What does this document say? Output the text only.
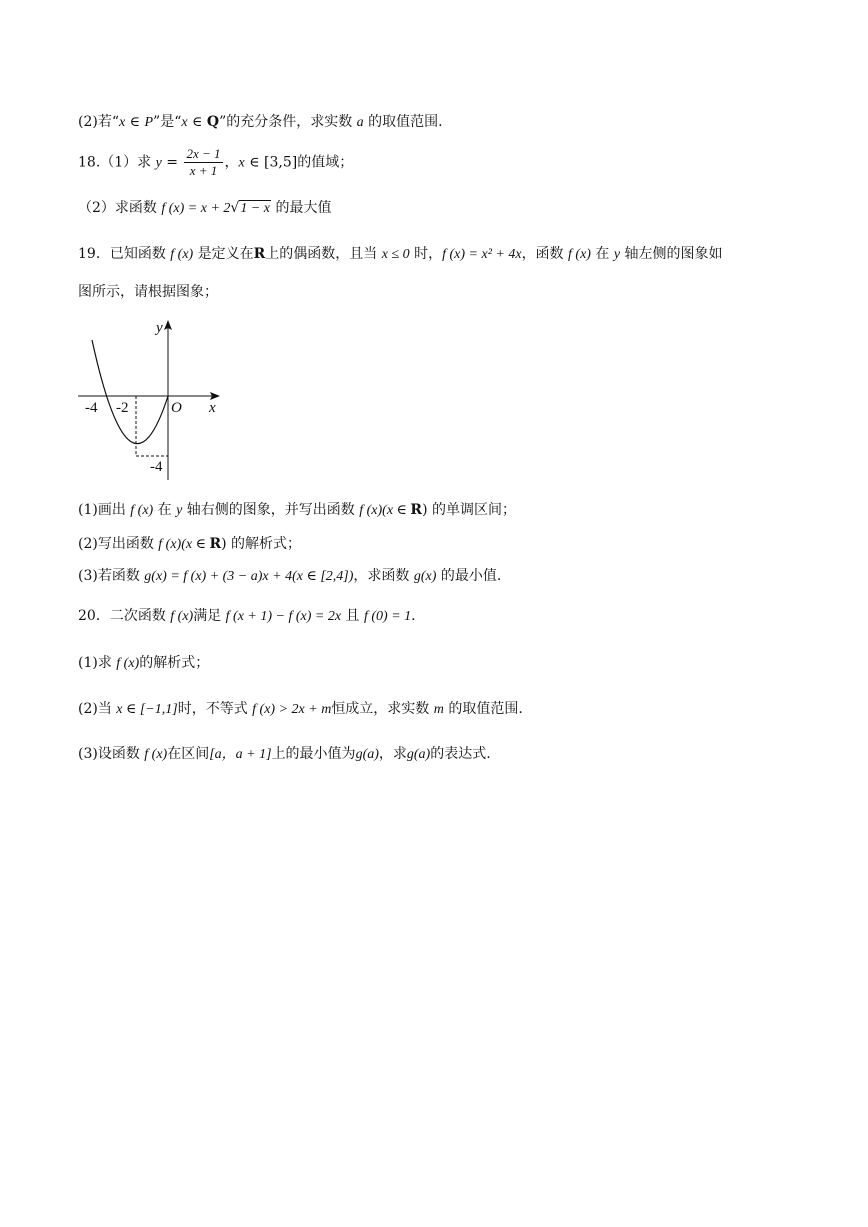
(2)若“x ∈ P”是“x ∈ Q”的充分条件，求实数 a 的取值范围.
18.（1）求 $y = \frac{2x - 1}{x + 1}$ ，x ∈ [3,5]的值域；
（2）求函数 f (x) = x + 2√1 − x 的最大值
19．已知函数 f (x) 是定义在R上的偶函数，且当 x ≤ 0 时，f (x) = x² + 4x，函数 f (x) 在 y 轴左侧的图象如
图所示，请根据图象；
y
x
O
-4 -2
-4
(1)画出 f (x) 在 y 轴右侧的图象，并写出函数 f (x)(x ∈ R) 的单调区间；
(2)写出函数 f (x)(x ∈ R) 的解析式；
(3)若函数 g(x) = f (x) + (3 − a)x + 4(x ∈ [2,4])，求函数 g(x) 的最小值.
20．二次函数 f (x)满足 f (x + 1) − f (x) = 2x 且 f (0) = 1.
(1)求 f (x)的解析式；
(2)当 x ∈ [−1,1]时，不等式 f (x) > 2x + m恒成立，求实数 m 的取值范围.
(3)设函数 f (x)在区间[a，a + 1]上的最小值为g(a)，求g(a)的表达式.
